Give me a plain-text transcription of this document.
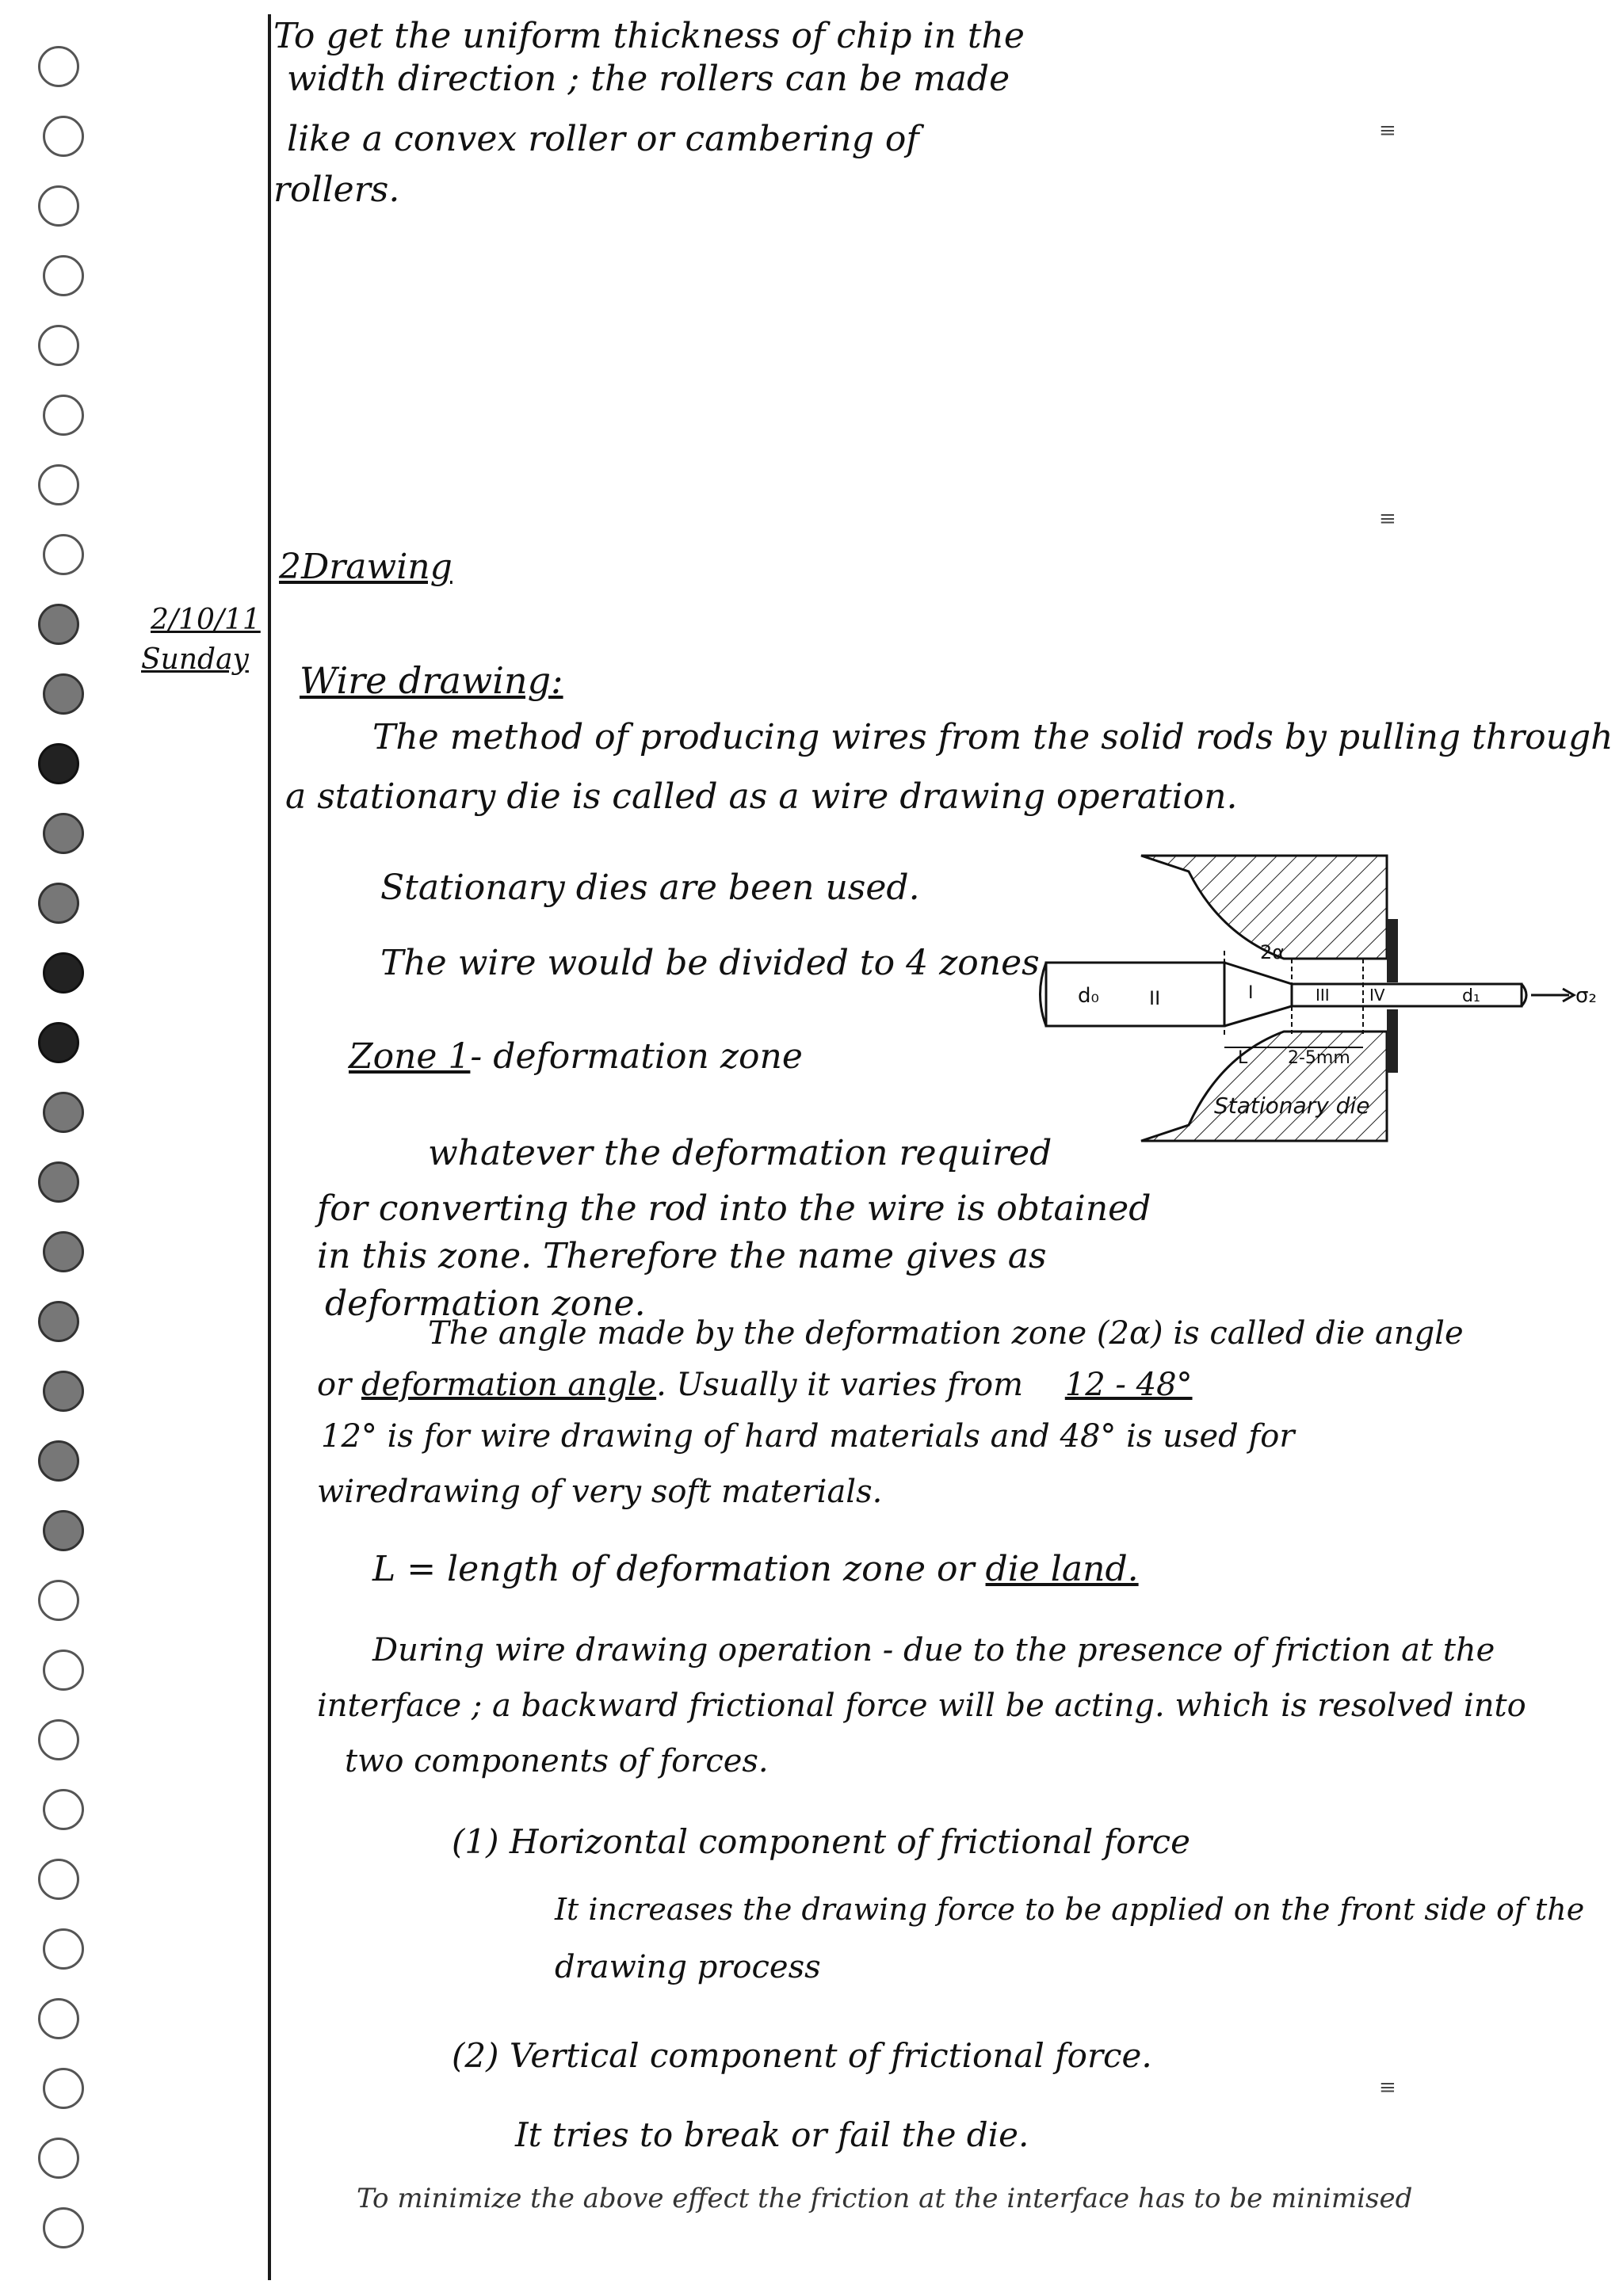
To get the uniform thickness of chip in the
width direction ; the rollers can be made
like a convex roller or cambering of
rollers.
2Drawing
2/10/11
Sunday Wire drawing:
The method of producing wires from the solid rods by pulling through
a stationary die is called as a wire drawing operation.
Stationary dies are been used.
The wire would be divided to 4 zones
Zone 1- deformation zone
whatever the deformation required
for converting the rod into the wire is obtained
in this zone. Therefore the name gives as
deformation zone.
The angle made by the deformation zone (2α) is called die angle
or deformation angle. Usually it varies from 12 - 48°
12° is for wire drawing of hard materials and 48° is used for
wiredrawing of very soft materials.
L = length of deformation zone or die land.
During wire drawing operation - due to the presence of friction at the
interface ; a backward frictional force will be acting. which is resolved into
two components of forces.
(1) Horizontal component of frictional force
It increases the drawing force to be applied on the front side of the
drawing process
(2) Vertical component of frictional force.
It tries to break or fail the die.
To minimize the above effect the friction at the interface has to be minimised
≡
≡
≡
II	I	III	IV
d₀	d₁
2α
2-5mm
L
σ₂
Stationary die
